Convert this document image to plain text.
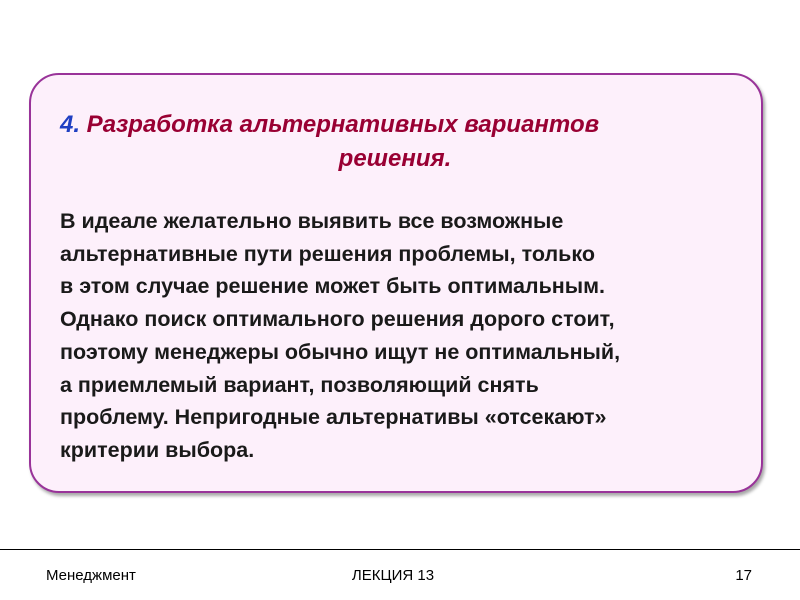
4. Разработка альтернативных вариантов
решения.

В идеале желательно выявить все возможные
альтернативные пути решения проблемы, только
в этом случае решение может быть оптимальным.
Однако поиск оптимального решения дорого стоит,
поэтому менеджеры обычно ищут не оптимальный,
а приемлемый вариант, позволяющий снять
проблему. Непригодные альтернативы «отсекают»
критерии выбора.

Менеджмент	ЛЕКЦИЯ 13	17
